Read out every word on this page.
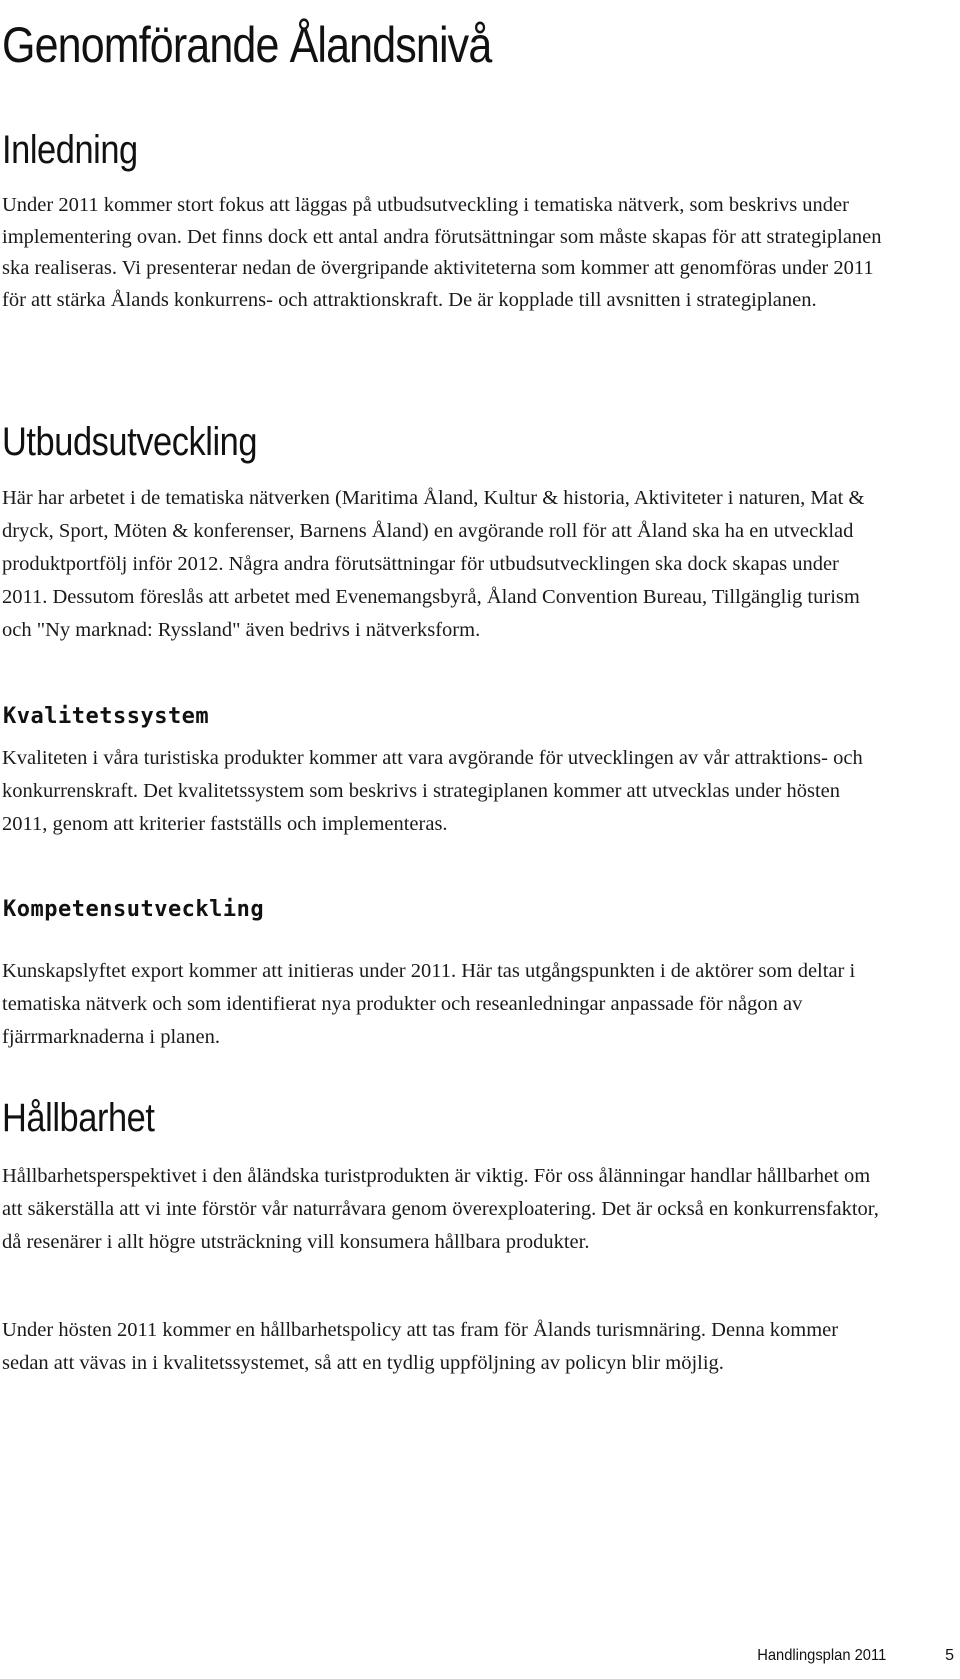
Genomförande Ålandsnivå
Inledning

Under 2011 kommer stort fokus att läggas på utbudsutveckling i tematiska nätverk, som beskrivs under implementering ovan. Det finns dock ett antal andra förutsättningar som måste skapas för att strategiplanen ska realiseras. Vi presenterar nedan de övergripande aktiviteterna som kommer att genomföras under 2011 för att stärka Ålands konkurrens- och attraktionskraft. De är kopplade till avsnitten i strategiplanen.

Utbudsutveckling

Här har arbetet i de tematiska nätverken (Maritima Åland, Kultur & historia, Aktiviteter i naturen, Mat & dryck, Sport, Möten & konferenser, Barnens Åland) en avgörande roll för att Åland ska ha en utvecklad produktportfölj inför 2012. Några andra förutsättningar för utbudsutvecklingen ska dock skapas under 2011. Dessutom föreslås att arbetet med Evenemangsbyrå, Åland Convention Bureau, Tillgänglig turism och "Ny marknad: Ryssland" även bedrivs i nätverksform.

Kvalitetssystem

Kvaliteten i våra turistiska produkter kommer att vara avgörande för utvecklingen av vår attraktions- och konkurrenskraft. Det kvalitetssystem som beskrivs i strategiplanen kommer att utvecklas under hösten 2011, genom att kriterier fastställs och implementeras.

Kompetensutveckling

Kunskapslyftet export kommer att initieras under 2011. Här tas utgångspunkten i de aktörer som deltar i tematiska nätverk och som identifierat nya produkter och reseanledningar anpassade för någon av fjärrmarknaderna i planen.

Hållbarhet

Hållbarhetsperspektivet i den åländska turistprodukten är viktig. För oss ålänningar handlar hållbarhet om att säkerställa att vi inte förstör vår naturråvara genom överexploatering. Det är också en konkurrensfaktor, då resenärer i allt högre utsträckning vill konsumera hållbara produkter.

Under hösten 2011 kommer en hållbarhetspolicy att tas fram för Ålands turismnäring. Denna kommer sedan att vävas in i kvalitetssystemet, så att en tydlig uppföljning av policyn blir möjlig.

Handlingsplan 2011	5
